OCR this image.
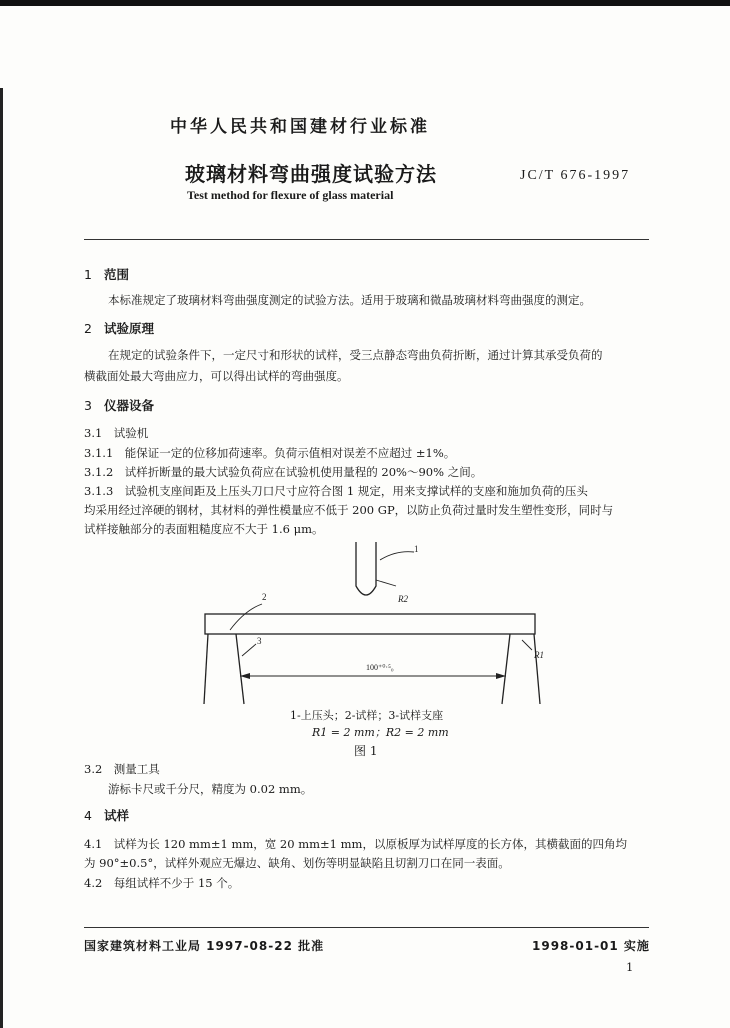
中华人民共和国建材行业标准
玻璃材料弯曲强度试验方法	JC/T 676-1997
Test method for flexure of glass material
1 范围
本标准规定了玻璃材料弯曲强度测定的试验方法。适用于玻璃和微晶玻璃材料弯曲强度的测定。
2 试验原理
在规定的试验条件下，一定尺寸和形状的试样，受三点静态弯曲负荷折断，通过计算其承受负荷的
横截面处最大弯曲应力，可以得出试样的弯曲强度。
3 仪器设备
3.1　试验机
3.1.1　能保证一定的位移加荷速率。负荷示值相对误差不应超过 ±1%。
3.1.2　试样折断量的最大试验负荷应在试验机使用量程的 20%～90% 之间。
3.1.3　试验机支座间距及上压头刀口尺寸应符合图 1 规定，用来支撑试样的支座和施加负荷的压头
均采用经过淬硬的钢材，其材料的弹性模量应不低于 200 GP，以防止负荷过量时发生塑性变形，同时与
试样接触部分的表面粗糙度应不大于 1.6 μm。
1
2
3
R2
R1
100⁺⁰·⁵₀
1-上压头；2-试样；3-试样支座
R1 = 2 mm；R2 = 2 mm
图 1
3.2　测量工具
游标卡尺或千分尺，精度为 0.02 mm。
4 试样
4.1　试样为长 120 mm±1 mm，宽 20 mm±1 mm，以原板厚为试样厚度的长方体，其横截面的四角均
为 90°±0.5°，试样外观应无爆边、缺角、划伤等明显缺陷且切割刀口在同一表面。
4.2　每组试样不少于 15 个。
国家建筑材料工业局 1997-08-22 批准	1998-01-01 实施
1
